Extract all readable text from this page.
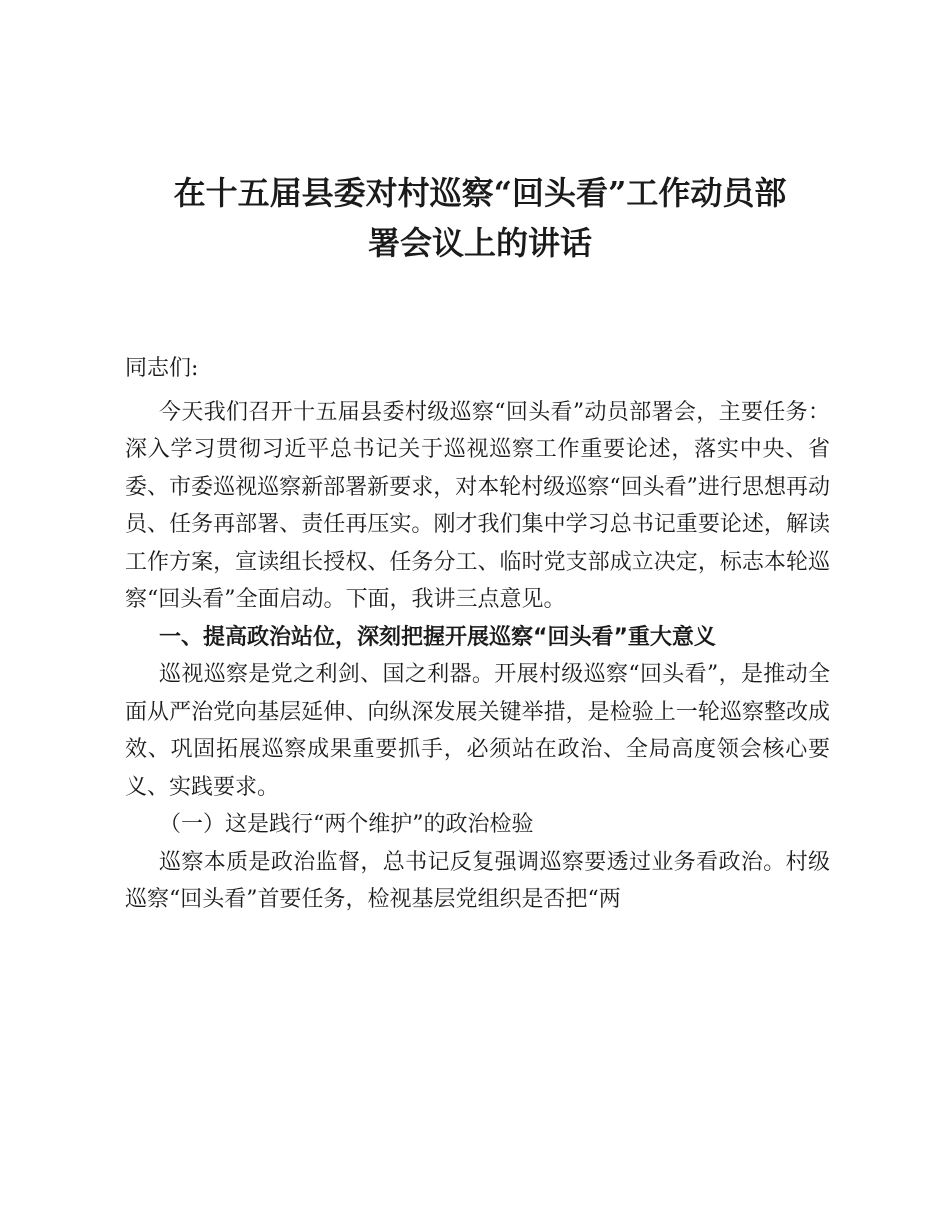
在十五届县委对村巡察“回头看”工作动员部
署会议上的讲话

同志们:

今天我们召开十五届县委村级巡察“回头看”动员部署会，主要任务：深入学习贯彻习近平总书记关于巡视巡察工作重要论述，落实中央、省委、市委巡视巡察新部署新要求，对本轮村级巡察“回头看”进行思想再动员、任务再部署、责任再压实。刚才我们集中学习总书记重要论述，解读工作方案，宣读组长授权、任务分工、临时党支部成立决定，标志本轮巡察“回头看”全面启动。下面，我讲三点意见。

一、提高政治站位，深刻把握开展巡察“回头看”重大意义

巡视巡察是党之利剑、国之利器。开展村级巡察“回头看”，是推动全面从严治党向基层延伸、向纵深发展关键举措，是检验上一轮巡察整改成效、巩固拓展巡察成果重要抓手，必须站在政治、全局高度领会核心要义、实践要求。

（一）这是践行“两个维护”的政治检验

巡察本质是政治监督，总书记反复强调巡察要透过业务看政治。村级巡察“回头看”首要任务，检视基层党组织是否把“两
